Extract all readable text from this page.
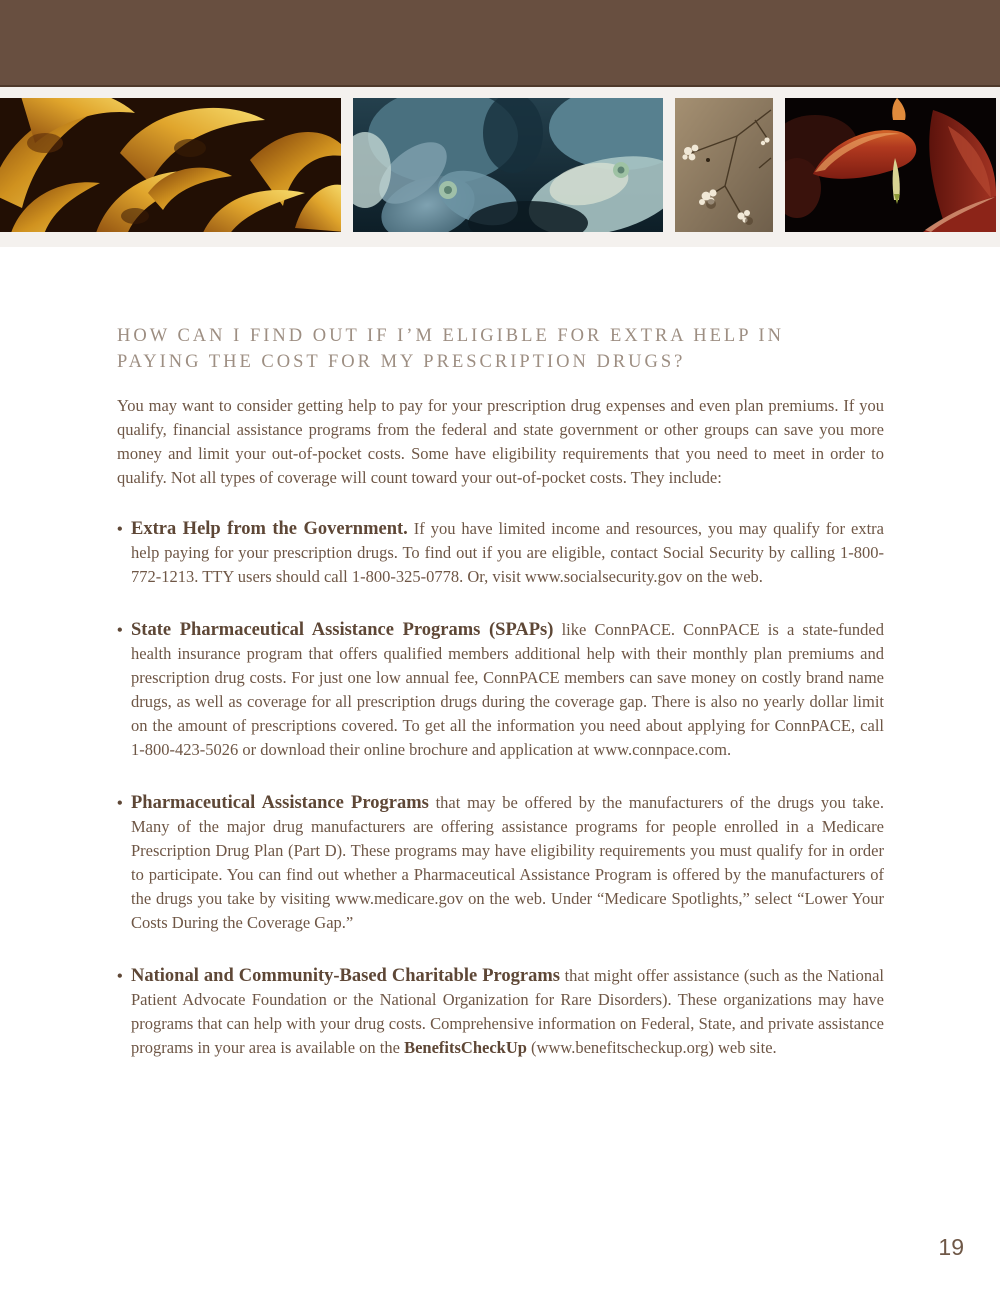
HOW CAN I FIND OUT IF I’M ELIGIBLE FOR EXTRA HELP IN
PAYING THE COST FOR MY PRESCRIPTION DRUGS?

You may want to consider getting help to pay for your prescription drug expenses and even plan premiums. If you qualify, financial assistance programs from the federal and state government or other groups can save you more money and limit your out-of-pocket costs. Some have eligibility requirements that you need to meet in order to qualify. Not all types of coverage will count toward your out-of-pocket costs. They include:

• Extra Help from the Government. If you have limited income and resources, you may qualify for extra help paying for your prescription drugs. To find out if you are eligible, contact Social Security by calling 1-800-772-1213. TTY users should call 1-800-325-0778. Or, visit www.socialsecurity.gov on the web.

• State Pharmaceutical Assistance Programs (SPAPs) like ConnPACE. ConnPACE is a state-funded health insurance program that offers qualified members additional help with their monthly plan premiums and prescription drug costs. For just one low annual fee, ConnPACE members can save money on costly brand name drugs, as well as coverage for all prescription drugs during the coverage gap. There is also no yearly dollar limit on the amount of prescriptions covered. To get all the information you need about applying for ConnPACE, call 1-800-423-5026 or download their online brochure and application at www.connpace.com.

• Pharmaceutical Assistance Programs that may be offered by the manufacturers of the drugs you take. Many of the major drug manufacturers are offering assistance programs for people enrolled in a Medicare Prescription Drug Plan (Part D). These programs may have eligibility requirements you must qualify for in order to participate. You can find out whether a Pharmaceutical Assistance Program is offered by the manufacturers of the drugs you take by visiting www.medicare.gov on the web. Under “Medicare Spotlights,” select “Lower Your Costs During the Coverage Gap.”

• National and Community-Based Charitable Programs that might offer assistance (such as the National Patient Advocate Foundation or the National Organization for Rare Disorders). These organizations may have programs that can help with your drug costs. Comprehensive information on Federal, State, and private assistance programs in your area is available on the BenefitsCheckUp (www.benefitscheckup.org) web site.

19
